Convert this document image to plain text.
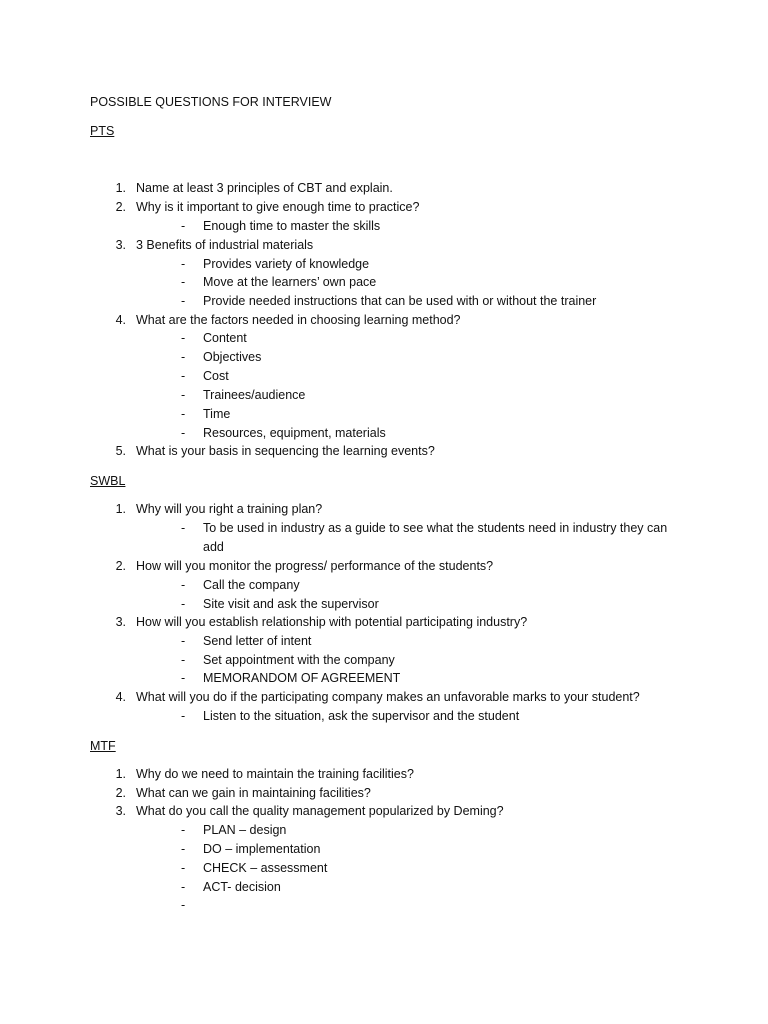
POSSIBLE QUESTIONS FOR INTERVIEW
PTS
1. Name at least 3 principles of CBT and explain.
2. Why is it important to give enough time to practice?
- Enough time to master the skills
3. 3 Benefits of industrial materials
- Provides variety of knowledge
- Move at the learners’ own pace
- Provide needed instructions that can be used with or without the trainer
4. What are the factors needed in choosing learning method?
- Content
- Objectives
- Cost
- Trainees/audience
- Time
- Resources, equipment, materials
5. What is your basis in sequencing the learning events?
SWBL
1. Why will you right a training plan?
- To be used in industry as a guide to see what the students need in industry they can add
2. How will you monitor the progress/ performance of the students?
- Call the company
- Site visit and ask the supervisor
3. How will you establish relationship with potential participating industry?
- Send letter of intent
- Set appointment with the company
- MEMORANDOM OF AGREEMENT
4. What will you do if the participating company makes an unfavorable marks to your student?
- Listen to the situation, ask the supervisor and the student
MTF
1. Why do we need to maintain the training facilities?
2. What can we gain in maintaining facilities?
3. What do you call the quality management popularized by Deming?
- PLAN – design
- DO – implementation
- CHECK – assessment
- ACT- decision
-
